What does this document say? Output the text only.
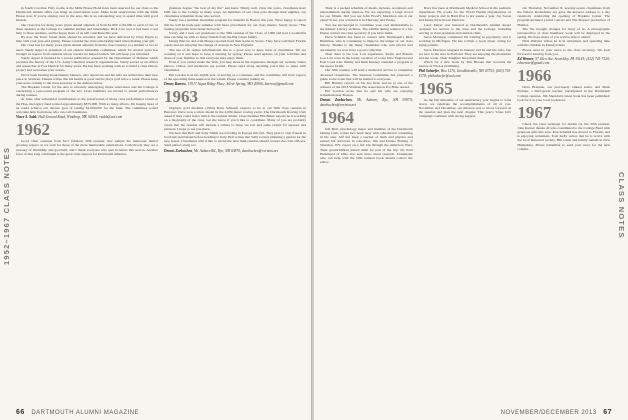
1952–1967 CLASS NOTES

in South Carolina. Fifty rooms at the Mills House Hotel have been reserved for our class so the Dartmouth alumni office can bring us reservations soon. Make hotel reservations with the Mills House now. If you're staying over in the area, this is an outstanding way to spend time with good friends.

Our class has for many years given annual stipends of from $1,000 to $2,000 to each of two or three students at the College for summer studies and internships. Dick Carr says it has been a real help to those students, and he hopes more of us will contribute this year.

By now the Tonic Scene plans should be revealed, and we have delivered by Dave Harris to help with your year-end giving. Please consider the class scholarship fund when making your gift.

Our class has for many years given annual stipends from the class treasury to a student or two in need. Sandy Appel is president of our student internship committee, which for several years has brought us reports from students whose careers we helped launch. We will keep you informed.

Sandy Appel is featured in a recent publication released by the Department of Defense which provides the history of the U.S. Army's medical research organizations. Sandy served as an officer and researcher at Fort Detrick for many years. He has been working with us to build a class history project and welcomes your stories.

We've been hearing about Dennis Johnson, who reports he and his wife are settled into their new place in Vermont. Dennis writes that his health is good and he plays golf twice a week. Please keep your news coming to the class secretary at the address below.

The Hopkins Center for the Arts is currently undergoing major renovation and the College is celebrating a year-round program of the arts. Class members are invited to attend performances during reunion.

At June, after substantial contributions to the preservation of many class performance events at the Hop, the legacy fund totaled approximately $875,000. With so many efforts, I'm hoping more of us could achieve our decade goal of raising $1,000,000 for the fund. The committee would welcome help from those who can call classmates.

Vince S. Sabb, Hall Ground Road, Winthrop, ME 04364; vsabb@aol.com
1962

Good often continue from $2.5 fabulous 50th reunion. Just sample the numerous humor growing reports as we wait for those of the more memorable celebrations. Collectively they are a treasury of friendship and goodwill, and I thank everyone who sent in letters this season. Another facet of that long continuum is the great class support for Dartmouth athletics.

graduate degree "the best of my life" and knew Trinity well. Over the years, classmates have built ties to the College in many ways. As members of our class pass through their eighties, our classmates remember those who served.

Sandy ran a summer internship program for students in Boston this year. We're happy to report that he will be back next summer with more placements for our class interns. Sandy wrote: "The Sunday programs were better than ever."

Scotty and I took our grandsons to the 50th reunion of the Class of 1966 and had a wonderful time catching up with so many friends from the Big Green family.

Denny Barrow and wife Marge reported from their home in Stowe. They have sold their Florida condo and are enjoying the change of seasons in New England.

The use of an online informational site is a good way to keep track of classmates. We are working on it and hope to have it running by spring. Please send updates on your activities and those of your families so that everyone may enjoy them.

Even if you cannot make the 50th, you may share in the experience through our website, where photos, videos, and memories are posted. Please send along anything you'd like to share with classmates.

Hal Gordon is in his eighth year of serving as a volunteer, and the committee will have reports of the upcoming mini-reunion in the winter. Please consider joining us.

Denny Barrow, 13017 Aspen Ridge Place, Silver Spring, MD 20906; barrow@gmail.com
1963

Olympic gold medalist (1964) Dave Schneeft expects to be at our 50th class reunion in Hanover. Dave won a silver medal in the 2,000-meter rowing event. The Dartmouth Rowing Club asked if they could honor him at the reunion dinner. Class member Bill Baker reports he is working on a biography of the crew. Let me know if you'd like to contribute. Many of you are probably aware that the reunion will include a tribute to those we lost and some events for spouses and partners. I hope to see you there.

We hear that Bob and Sally Smith are traveling in Europe this fall. They plan to visit friends in Scotland and Ireland before heading to Italy. Bob writes that Sally is busy planning a garden for the new house. Classmates who'd like to attend the next mini-reunion should contact the class officers. Send photos along too.

Dennis Zurbuchen, Mt. Auburn Rd., Rye, NH 03870; dzurbuchen@verizon.net
66 DARTMOUTH ALUMNI MAGAZINE

Their is a packed schedule of meals, lectures, receptions and entertainment during reunion. We are expecting a large crowd for our fiftieth. Did you see John Wood's Marathon run at our class? If not, you will have it in Thursday and Friday.

You are encouraged to contribute your own memorabilia to the Rauner Library archives. The exhibit during reunion is a hit. Please contact the class secretary if you have items.

Dave Schmidt has been in contact with Dartmouth's Dick Hamilton, who is continuing to improve the ledger of our class history. Thanks to the many classmates who sent photos and documents; we now have a good collection.

Then there is the Lou Lots experience. Kevin and Bonnie Lou Lots were in the lovely vacation of a rare New England and East Coast trek. Jimmy and Ruth Kenney attended a program at the sports forum.

Our 50th reunion will hold a memorial service to remember deceased classmates. The Reunion Committee has prepared a guide to the event that will be mailed to everyone.

Bill Bursley reports on his law firm, and he is one of the winners of the 2013 Vermont Bar Association Pro Bono Award.

Hal Gordon wrote that he and his wife are enjoying retirement near Boston.

Dennis Zurbuchen, Mt. Auburn, Rye, NH 03870; dzurbuchen@verizon.net
1964

Jeff Burt, psychology major and member of the Dartmouth Outing Club, writes he's been busy with educational consulting in his area. Jeff has been a teacher of math and physics and earned his doctorate in education. Jim and Donna Bolling of Sheridan, WY, report on a fall trip through the American West. Their grandchildren joined them for part of the trip. Dr. Paul Hammond of Ohio also sent news about research. Classmates who can help with the 50th reunion book should contact the editor.

Dave has been at Dartmouth Medical School in the pediatric department. He works for the World Health Organization on many projects and in Haiti five to six weeks a year. Jay Saxon and Penny Kyle live in Hanover.

Larry Meyer was honored as Dartmouth's Alumni Award recipient for service to the class and the College, including serving as class president and reunion chair.

Steve Morrison completed his training in psychiatry and is working in Michigan. He has written a book about caring for aging parents.

Steve Morrison resigned in January and he and his wife, Jan, are new to the area in Portland. They are enjoying the mountains and the ocean. Their daughter has joined them.

Watch for a new book by Tim Brooks that recounts the history of NCAA swimming.

Phil Schaefer, Box 1276, Goodlettsville, NH 03753; (603) 763-4178; philschaefer@aol.com
1965

As the full timetable of our anniversary year begins to wind down, we celebrate the accomplishments of all of you. November and December, our mission was to move forward on the reunion and plan the next chapter. This year's 'Class Gift' campaign continues with strong support.

On Thursday, November 8, seventy-seven classmates from the Nelson Rockefeller era gave the keynote address to a day ceremony celebrating the opening of Hopkins Center. The program included a brief concert and The Players' production of Hamlet.

The 70s brought changes for many of us. A photographic retrospective of class members' work will be displayed in the spring. We hope many of you will be able to attend.

Dick Webster writes he is in retirement and spending time with his children in Pennsylvania.

Please send in your news to the class secretary. We look forward to hearing from you.

Ed Werner, 57 Glen Ave, Sewickley, PA 15143; (412) 741-7320; edwerner@gmail.com
1966

Dave Brennan, our previously ranked sailor, and Mark Eichner, a third-grade teacher, participated in the Dartmouth College reunion. Jim Sheridan's latest book has been published; look for it at your local bookstore.

1967

Check the class webpage for details for the 50th reunion. John Kerner thanks all who contributed to the College Fund with generous gifts this year. Rob Schmidt has moved to Florida, and is enjoying retirement. Tom Kelly writes that he is active with the local historical society. Bill Clark and family remain in New Hampshire. Please remember to send your news for the next column.

CLASS NOTES
NOVEMBER/DECEMBER 2013 67
